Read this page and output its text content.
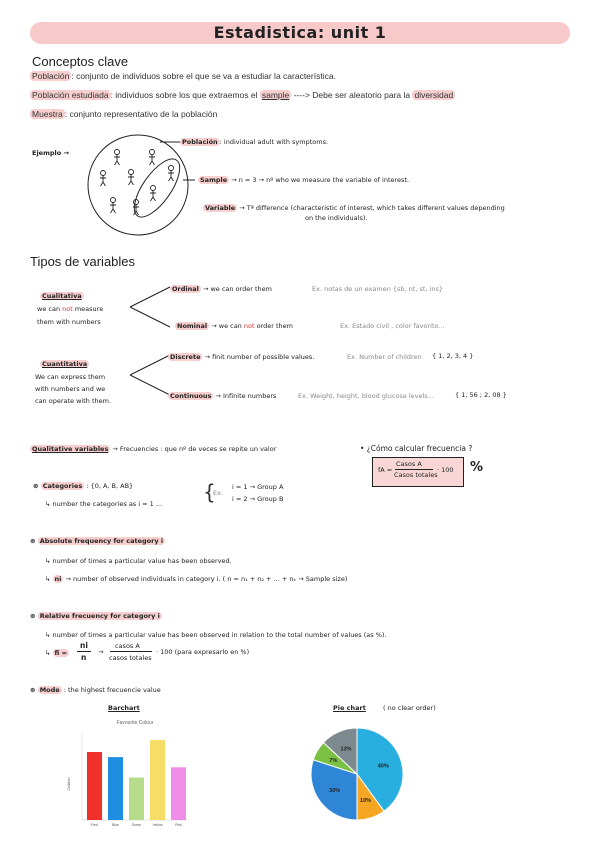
Estadistica: unit 1
Conceptos clave
Población : conjunto de individuos sobre el que se va a estudiar la característica.
Población estudiada : individuos sobre los que extraemos el sample ----> Debe ser aleatorio para la diversidad
Muestra : conjunto representativo de la población
Ejemplo →
Población : individual adult with symptoms.
Sample → n = 3 → nº who we measure the variable of interest.
Variable → Tª difference (characteristic of interest, which takes different values depending
on the individuals).
Tipos de variables
Cualitativa
we can not measure
them with numbers
Ordinal → we can order them	Ex. notas de un examen {sb, nt, st, ins}
Nominal → we can not order them	Ex. Estado civil , color favorito...
Cuantitativa
We can express them
with numbers and we
can operate with them.
Discrete → finit number of possible values.	Ex. Number of children { 1, 2, 3, 4 }
Continuous → Infinite numbers	Ex. Weight, height, blood glucose levels...	{ 1, 56 ; 2, 08 }
Qualitative variables → Frecuencies : que nº de veces se repite un valor	• ¿Cómo calcular frecuencia ?
fA =
Casos A
Casos totales
· 100 %
⊛ Categories : {0, A, B, AB}
↳ number the categories as i = 1 ... {
Ex.
i = 1 → Group A
i = 2 → Group B
⊛ Absolute frequency for category i
↳ number of times a particular value has been observed.
↳ ni → number of observed individuals in category i. ( n = n₁ + n₂ + ... + nₖ → Sample size)
⊛ Relative frecuency for category i
↳ number of times a particular value has been observed in relation to the total number of values (as %).
↳ fi =
ni
n
→
casos A
casos totales
· 100 (para expresarlo en %)
⊛ Mode : the highest frecuencie value
Barchart	Pie chart	( no clear order)
Favourite Colour
Children
Red	Blue	Green	Yellow	Pink
40%
10%
30%
7%
13%
